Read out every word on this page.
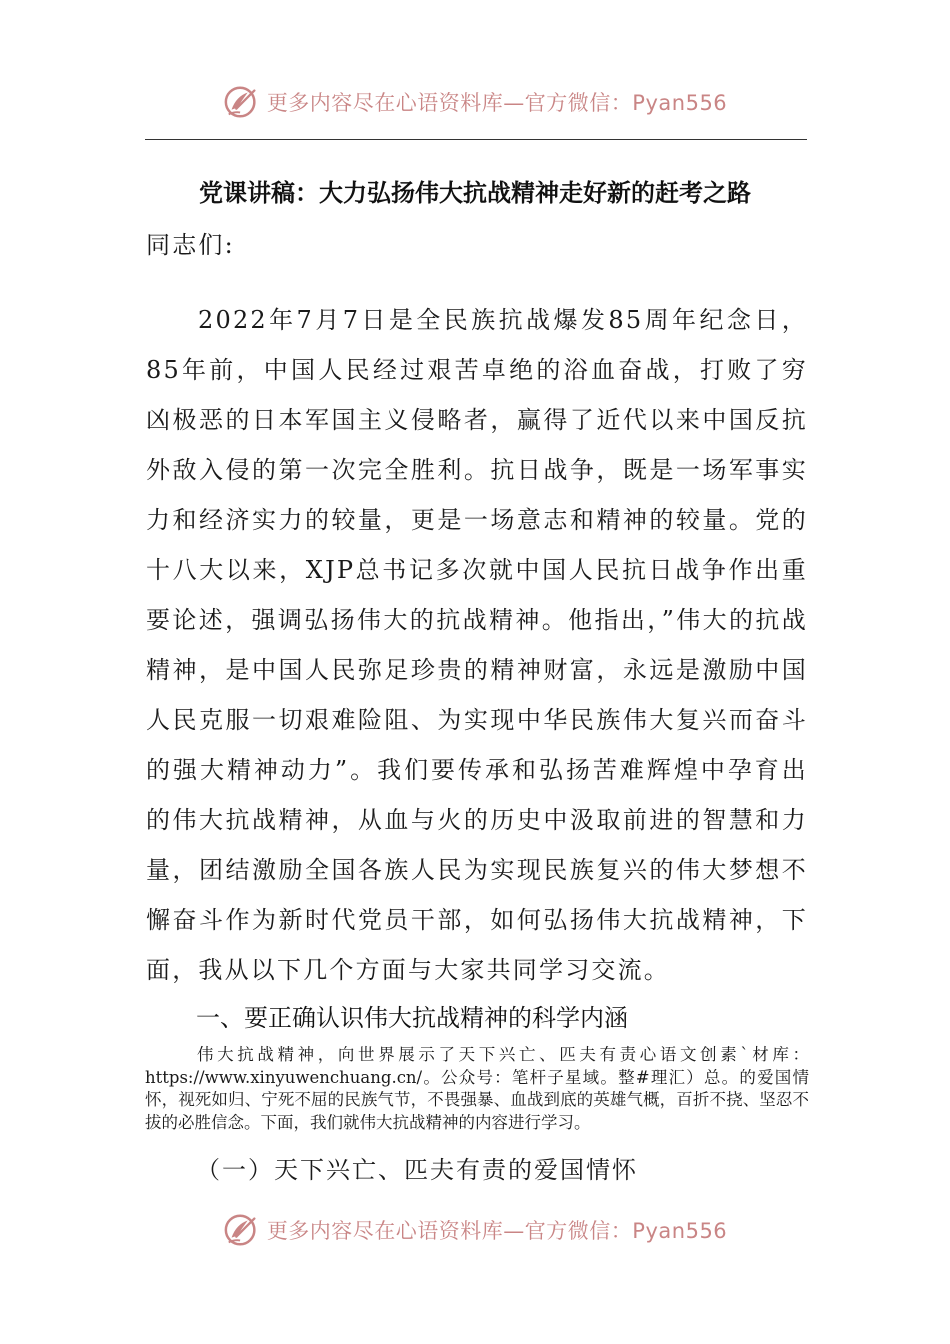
更多内容尽在心语资料库—官方微信：Pyan556
党课讲稿：大力弘扬伟大抗战精神走好新的赶考之路
同志们:
2022年7月7日是全民族抗战爆发85周年纪念日，85年前，中国人民经过艰苦卓绝的浴血奋战，打败了穷凶极恶的日本军国主义侵略者，赢得了近代以来中国反抗外敌入侵的第一次完全胜利。抗日战争，既是一场军事实力和经济实力的较量，更是一场意志和精神的较量。党的十八大以来，XJP总书记多次就中国人民抗日战争作出重要论述，强调弘扬伟大的抗战精神。他指出，”伟大的抗战精神，是中国人民弥足珍贵的精神财富，永远是激励中国人民克服一切艰难险阻、为实现中华民族伟大复兴而奋斗的强大精神动力”。我们要传承和弘扬苦难辉煌中孕育出的伟大抗战精神，从血与火的历史中汲取前进的智慧和力量，团结激励全国各族人民为实现民族复兴的伟大梦想不懈奋斗作为新时代党员干部，如何弘扬伟大抗战精神，下面，我从以下几个方面与大家共同学习交流。
一、要正确认识伟大抗战精神的科学内涵
伟大抗战精神，向世界展示了天下兴亡、匹夫有责心语文创素`材库：https://www.xinyuwenchuang.cn/。公众号：笔杆子星域。整#理汇）总。的爱国情怀，视死如归、宁死不屈的民族气节，不畏强暴、血战到底的英雄气概，百折不挠、坚忍不拔的必胜信念。下面，我们就伟大抗战精神的内容进行学习。
（一）天下兴亡、匹夫有责的爱国情怀
更多内容尽在心语资料库—官方微信：Pyan556
